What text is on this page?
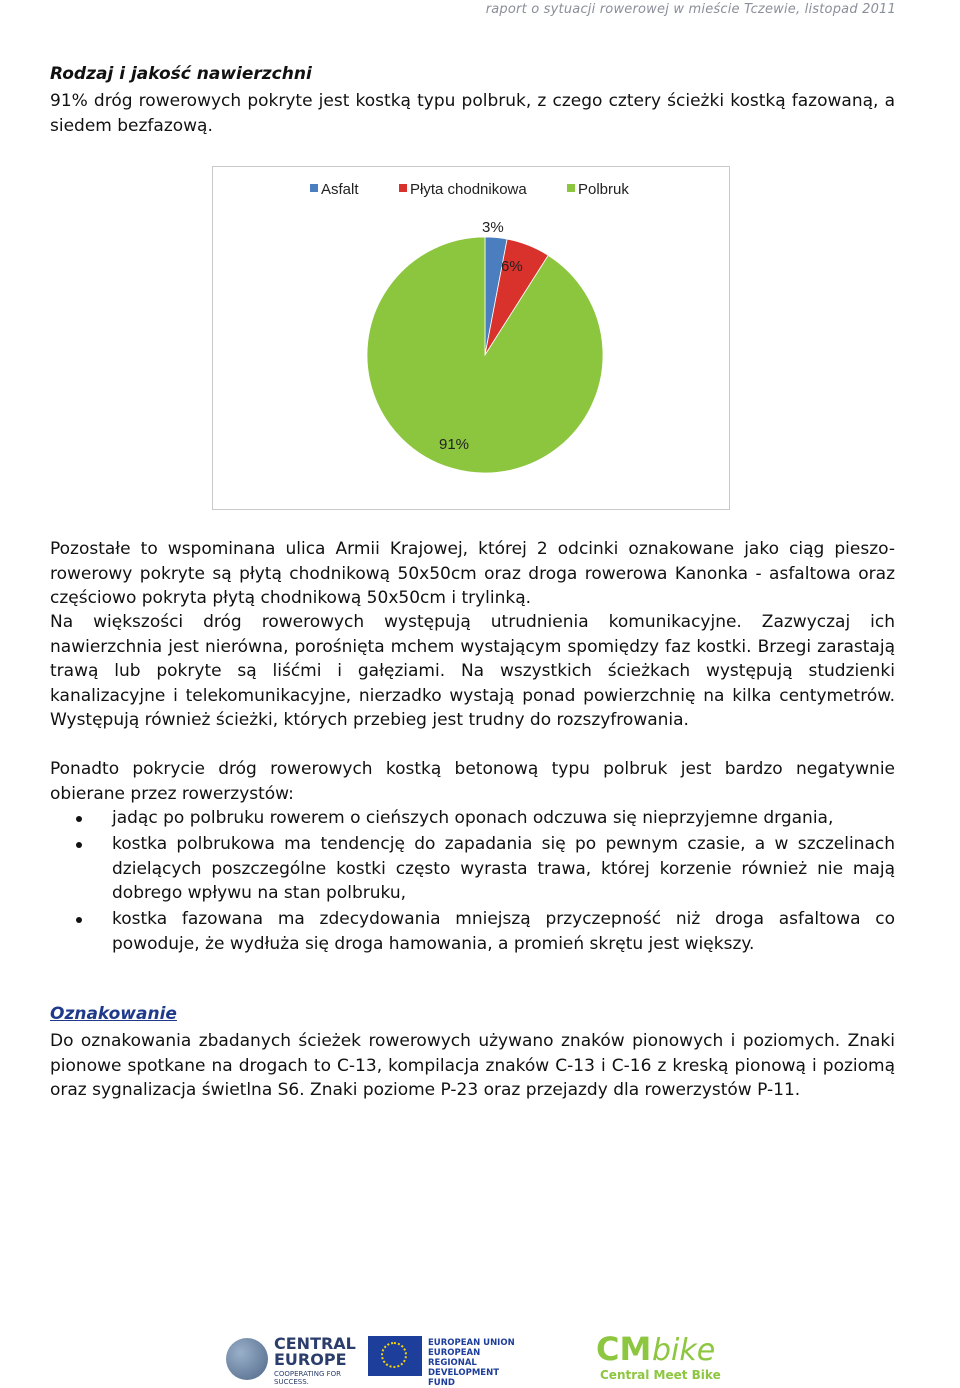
raport o sytuacji rowerowej w mieście Tczewie, listopad 2011
Rodzaj i jakość nawierzchni
91% dróg rowerowych pokryte jest kostką typu polbruk, z czego cztery ścieżki kostką fazowaną, a siedem bezfazową.
Asfalt	Płyta chodnikowa	Polbruk
3%
6%
91%
Pozostałe to wspominana ulica Armii Krajowej, której 2 odcinki oznakowane jako ciąg pieszo-rowerowy pokryte są płytą chodnikową 50x50cm oraz droga rowerowa Kanonka - asfaltowa oraz częściowo pokryta płytą chodnikową 50x50cm i trylinką.
Na większości dróg rowerowych występują utrudnienia komunikacyjne. Zazwyczaj ich nawierzchnia jest nierówna, porośnięta mchem wystającym spomiędzy faz kostki. Brzegi zarastają trawą lub pokryte są liśćmi i gałęziami. Na wszystkich ścieżkach występują studzienki kanalizacyjne i telekomunikacyjne, nierzadko wystają ponad powierzchnię na kilka centymetrów. Występują również ścieżki, których przebieg jest trudny do rozszyfrowania.
Ponadto pokrycie dróg rowerowych kostką betonową typu polbruk jest bardzo negatywnie obierane przez rowerzystów:
jadąc po polbruku rowerem o cieńszych oponach odczuwa się nieprzyjemne drgania,
kostka polbrukowa ma tendencję do zapadania się po pewnym czasie, a w szczelinach dzielących poszczególne kostki często wyrasta trawa, której korzenie również nie mają dobrego wpływu na stan polbruku,
kostka fazowana ma zdecydowania mniejszą przyczepność niż droga asfaltowa co powoduje, że wydłuża się droga hamowania, a promień skrętu jest większy.
Oznakowanie
Do oznakowania zbadanych ścieżek rowerowych używano znaków pionowych i poziomych. Znaki pionowe spotkane na drogach to C-13, kompilacja znaków C-13 i C-16 z kreską pionową i poziomą oraz sygnalizacja świetlna S6. Znaki poziome P-23 oraz przejazdy dla rowerzystów P-11.
CENTRAL
EUROPE
COOPERATING FOR SUCCESS.
EUROPEAN UNION
EUROPEAN REGIONAL
DEVELOPMENT FUND
CM bike
Central Meet Bike
